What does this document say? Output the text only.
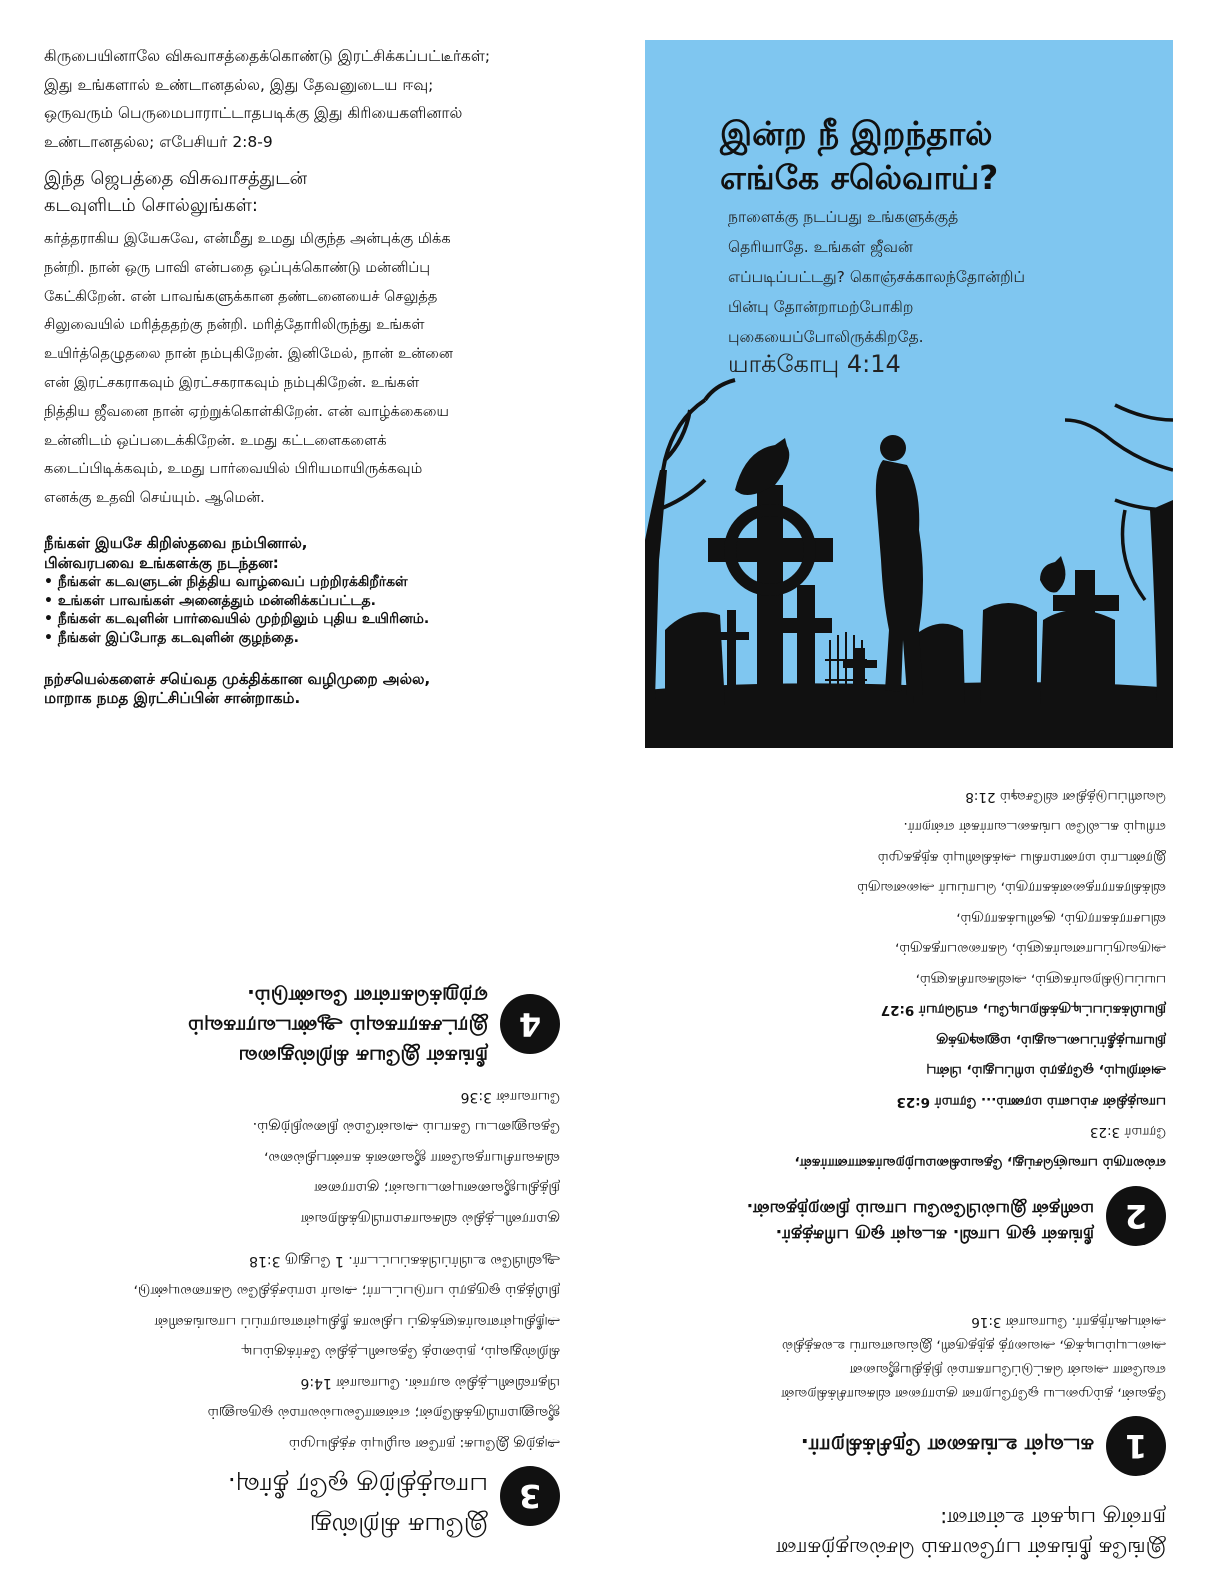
கிருபையினாலே விசுவாசத்தைக்கொண்டு இரட்சிக்கப்பட்டீர்கள்;
இது உங்களால் உண்டானதல்ல, இது தேவனுடைய ஈவு;
ஒருவரும் பெருமைபாராட்டாதபடிக்கு இது கிரியைகளினால்
உண்டானதல்ல; எபேசியர் 2:8-9
இந்த ஜெபத்தை விசுவாசத்துடன்
கடவுளிடம் சொல்லுங்கள்:
கர்த்தராகிய இயேசுவே, என்மீது உமது மிகுந்த அன்புக்கு மிக்க
நன்றி. நான் ஒரு பாவி என்பதை ஒப்புக்கொண்டு மன்னிப்பு
கேட்கிறேன். என் பாவங்களுக்கான தண்டனையைச் செலுத்த
சிலுவையில் மரித்ததற்கு நன்றி. மரித்தோரிலிருந்து உங்கள்
உயிர்த்தெழுதலை நான் நம்புகிறேன். இனிமேல், நான் உன்னை
என் இரட்சகராகவும் இரட்சகராகவும் நம்புகிறேன். உங்கள்
நித்திய ஜீவனை நான் ஏற்றுக்கொள்கிறேன். என் வாழ்க்கையை
உன்னிடம் ஒப்படைக்கிறேன். உமது கட்டளைகளைக்
கடைப்பிடிக்கவும், உமது பார்வையில் பிரியமாயிருக்கவும்
எனக்கு உதவி செய்யும். ஆமென்.
நீங்கள் இயசே கிறிஸ்தவை நம்பினால்,
பின்வரபவை உங்களக்கு நடந்தன:
• நீங்கள் கடவளுடன் நித்திய வாழ்வைப் பற்றிரக்கிறீர்கள்
• உங்கள் பாவங்கள் அனைத்தும் மன்னிக்கப்பட்டத.
• நீங்கள் கடவுளின் பார்வையில் முற்றிலும் புதிய உயிரினம்.
• நீங்கள் இப்போத கடவுளின் குழந்தை.
நற்சயெல்களைச் சயெ்வத முக்திக்கான வழிமுறை அல்ல,
மாறாக நமத இரட்சிப்பின் சான்றாகம்.
இன்ற நீ இறந்தால்
எங்கே சலெ்வாய்?
நாளைக்கு நடப்பது உங்களுக்குத்
தெரியாதே. உங்கள் ஜீவன்
எப்படிப்பட்டது? கொஞ்சக்காலந்தோன்றிப்
பின்பு தோன்றாமற்போகிற
புகையைப்போலிருக்கிறதே.
யாக்கோபு 4:14
இங்கே நீங்கள் பரலோகம் செல்வதற்கான
நான்கு படிகள் உள்ளன:
1
கடவுள் உங்களை நேசிக்கிறார்.
தேவன், தம்முடைய ஒரேபேறான குமாரனை விசுவாசிக்கிறவன்
எவனோ அவன் கெட்டுப்போகாமல் நித்தியஜீவனை
அடையும்படிக்கு, அவரைத் தந்தருளி, இவ்வளவாய் உலகத்தில்
அன்புகூர்ந்தார். யோவான் 3:16
2
நீங்கள் ஒரு பாவி. கடவுள் ஒரு பரிசுத்தர்.
மனிதன் இயல்பிலேயே பாவம் நிறைந்தவன்.
எல்லாரும் பாவஞ்செய்து, தேவமகிமையற்றவர்களானார்கள்,
ரோமர் 3:23
பாவத்தின் சம்பளம் மரணம்... ரோமர் 6:23
அன்றியும், ஒரேதரம் மரிப்பதும், பின்பு
நியாயத்தீர்ப்படைவதும், மனுஷருக்கு
நியமிக்கப்பட்டிருக்கிறபடியே, எபிரெயர் 9:27
பயப்படுகிறவர்களும், அவிசுவாசிகளும்,
அருவருப்பானவர்களும், கொலைபாதகரும்,
விபசாரக்காரரும், சூனியக்காரரும்,
விக்கிரகாராதனைக்காரரும், பொய்யர் அனைவரும்
இரண்டாம் மரணமாகிய அக்கினியும் கந்தகமும்
எரியும் கடலிலே பங்கடைவார்கள் என்றார்.
வெளிப்படுத்தின விசேஷம் 21:8
3
இயேசு கிறிஸ்து
பாவத்திற்கு ஒரே தீர்வு.
அதற்கு இயேசு: நானே வழியும் சத்தியமும்
ஜீவனுமாயிருக்கிறேன்; என்னாலேயல்லாமல் ஒருவனும்
பிதாவினிடத்தில் வரான். யோவான் 14:6
கிறிஸ்துவும், நம்மைத் தேவனிடத்தில் சேர்க்கும்படி
அநீதியுள்ளவர்களுக்குப் பதிலாக நீதியுள்ளவராய்ப் பாவங்களின்
நிமித்தம் ஒருதரம் பாடுபட்டார்; அவர் மாம்சத்திலே கொலையுண்டு,
ஆவியிலே உயிர்ப்பிக்கப்பட்டார். 1 பேதுரு 3:18
4
நீங்கள் இயேசு கிறிஸ்துவை
இரட்சகராகவும் ஆண்டவராகவும்
ஏற்றுக்கொள்ள வேண்டும்.
குமாரனிடத்தில் விசுவாசமாயிருக்கிறவன்
நித்தியஜீவனையுடையவன்; குமாரனை
விசுவாசியாதவனோ ஜீவனைக் காண்பதில்லை,
தேவனுடைய கோபம் அவன்மேல் நிலைநிற்கும்.
யோவான் 3:36
